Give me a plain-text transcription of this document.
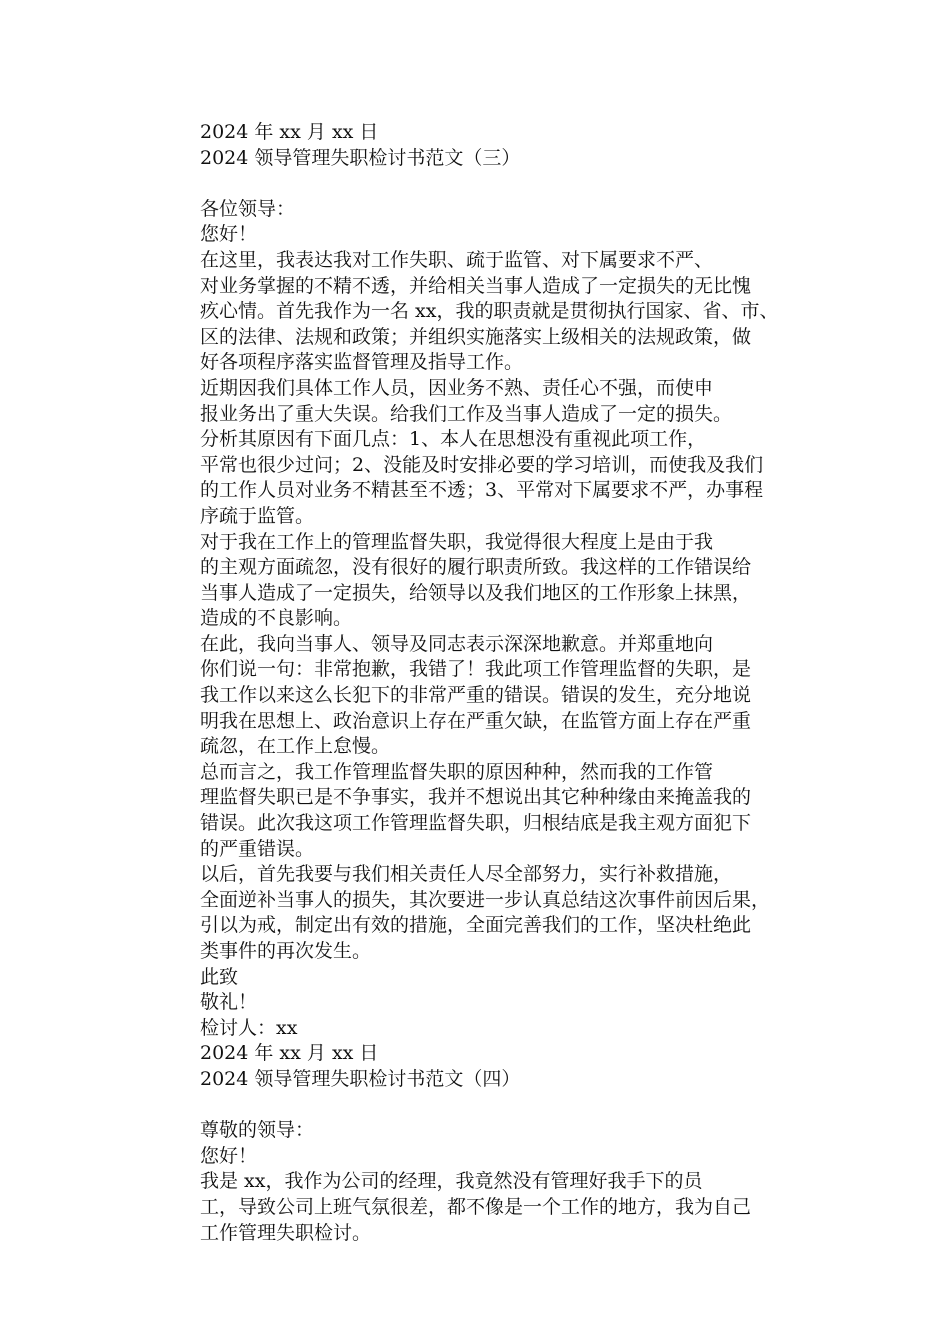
2024 年 xx 月 xx 日
2024 领导管理失职检讨书范文（三）
各位领导：
您好！
在这里，我表达我对工作失职、疏于监管、对下属要求不严、
对业务掌握的不精不透，并给相关当事人造成了一定损失的无比愧
疚心情。首先我作为一名 xx，我的职责就是贯彻执行国家、省、市、
区的法律、法规和政策；并组织实施落实上级相关的法规政策，做
好各项程序落实监督管理及指导工作。
近期因我们具体工作人员，因业务不熟、责任心不强，而使申
报业务出了重大失误。给我们工作及当事人造成了一定的损失。
分析其原因有下面几点：1、本人在思想没有重视此项工作，
平常也很少过问；2、没能及时安排必要的学习培训，而使我及我们
的工作人员对业务不精甚至不透；3、平常对下属要求不严，办事程
序疏于监管。
对于我在工作上的管理监督失职，我觉得很大程度上是由于我
的主观方面疏忽，没有很好的履行职责所致。我这样的工作错误给
当事人造成了一定损失，给领导以及我们地区的工作形象上抹黑，
造成的不良影响。
在此，我向当事人、领导及同志表示深深地歉意。并郑重地向
你们说一句：非常抱歉，我错了！我此项工作管理监督的失职，是
我工作以来这么长犯下的非常严重的错误。错误的发生，充分地说
明我在思想上、政治意识上存在严重欠缺，在监管方面上存在严重
疏忽，在工作上怠慢。
总而言之，我工作管理监督失职的原因种种，然而我的工作管
理监督失职已是不争事实，我并不想说出其它种种缘由来掩盖我的
错误。此次我这项工作管理监督失职，归根结底是我主观方面犯下
的严重错误。
以后，首先我要与我们相关责任人尽全部努力，实行补救措施，
全面逆补当事人的损失，其次要进一步认真总结这次事件前因后果，
引以为戒，制定出有效的措施，全面完善我们的工作，坚决杜绝此
类事件的再次发生。
此致
敬礼！
检讨人：xx
2024 年 xx 月 xx 日
2024 领导管理失职检讨书范文（四）
尊敬的领导：
您好！
我是 xx，我作为公司的经理，我竟然没有管理好我手下的员
工，导致公司上班气氛很差，都不像是一个工作的地方，我为自己
工作管理失职检讨。
